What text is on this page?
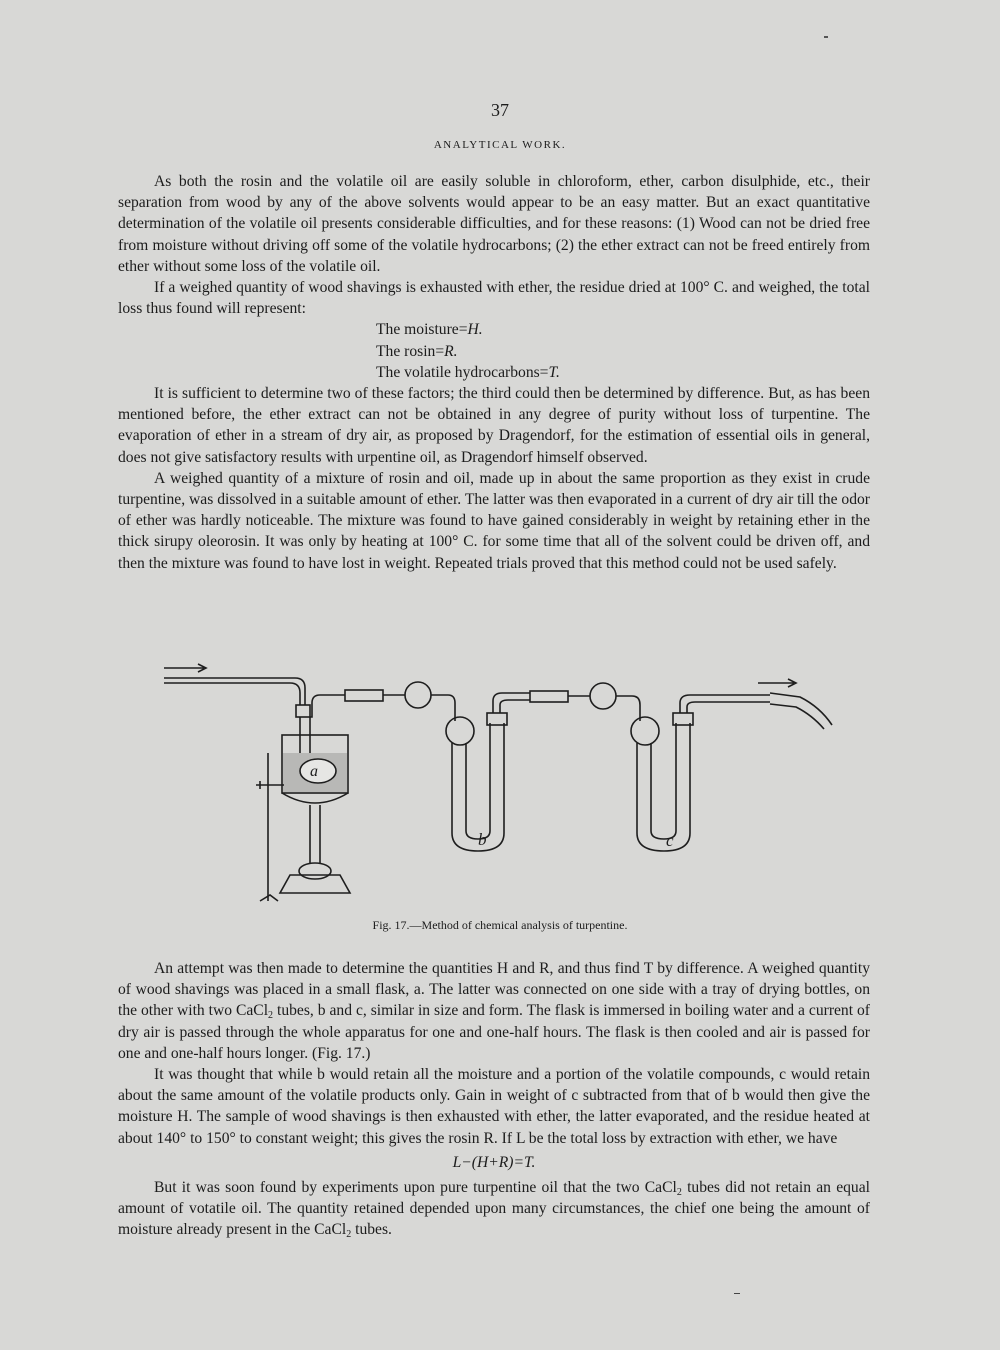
37
ANALYTICAL WORK.

As both the rosin and the volatile oil are easily soluble in chloroform, ether, carbon disulphide, etc., their separation from wood by any of the above solvents would appear to be an easy matter. But an exact quantitative determination of the volatile oil presents considerable difficulties, and for these reasons: (1) Wood can not be dried free from moisture without driving off some of the volatile hydrocarbons; (2) the ether extract can not be freed entirely from ether without some loss of the volatile oil.

If a weighed quantity of wood shavings is exhausted with ether, the residue dried at 100° C. and weighed, the total loss thus found will represent:

The moisture=H.
The rosin=R.
The volatile hydrocarbons=T.

It is sufficient to determine two of these factors; the third could then be determined by difference. But, as has been mentioned before, the ether extract can not be obtained in any degree of purity without loss of turpentine. The evaporation of ether in a stream of dry air, as proposed by Dragendorf, for the estimation of essential oils in general, does not give satisfactory results with urpentine oil, as Dragendorf himself observed.

A weighed quantity of a mixture of rosin and oil, made up in about the same proportion as they exist in crude turpentine, was dissolved in a suitable amount of ether. The latter was then evaporated in a current of dry air till the odor of ether was hardly noticeable. The mixture was found to have gained considerably in weight by retaining ether in the thick sirupy oleorosin. It was only by heating at 100° C. for some time that all of the solvent could be driven off, and then the mixture was found to have lost in weight. Repeated trials proved that this method could not be used safely.

a
b	c
Fig. 17.—Method of chemical analysis of turpentine.

An attempt was then made to determine the quantities H and R, and thus find T by difference. A weighed quantity of wood shavings was placed in a small flask, a. The latter was connected on one side with a tray of drying bottles, on the other with two CaCl$_2$ tubes, b and c, similar in size and form. The flask is immersed in boiling water and a current of dry air is passed through the whole apparatus for one and one-half hours. The flask is then cooled and air is passed for one and one-half hours longer. (Fig. 17.)

It was thought that while b would retain all the moisture and a portion of the volatile compounds, c would retain about the same amount of the volatile products only. Gain in weight of c subtracted from that of b would then give the moisture H. The sample of wood shavings is then exhausted with ether, the latter evaporated, and the residue heated at about 140° to 150° to constant weight; this gives the rosin R. If L be the total loss by extraction with ether, we have

L−(H+R)=T.

But it was soon found by experiments upon pure turpentine oil that the two CaCl$_2$ tubes did not retain an equal amount of votatile oil. The quantity retained depended upon many circumstances, the chief one being the amount of moisture already present in the CaCl$_2$ tubes.
